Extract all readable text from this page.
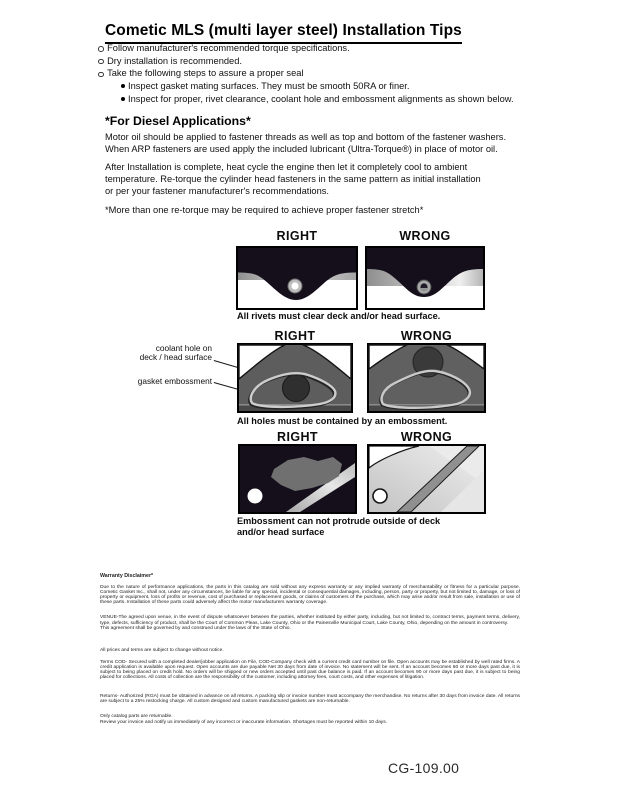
Cometic MLS (multi layer steel) Installation Tips
Follow manufacturer's recommended torque specifications.
Dry installation is recommended.
Take the following steps to assure a proper seal
Inspect gasket mating surfaces. They must be smooth 50RA or finer.
Inspect for proper, rivet clearance, coolant hole and embossment alignments as shown below.
*For Diesel Applications*
Motor oil should be applied to fastener threads as well as top and bottom of the fastener washers.
When ARP fasteners are used apply the included lubricant (Ultra-Torque®) in place of motor oil.
After Installation is complete, heat cycle the engine then let it completely cool to ambient
temperature. Re-torque the cylinder head fasteners in the same pattern as initial installation
or per your fastener manufacturer's recommendations.
*More than one re-torque may be required to achieve proper fastener stretch*
RIGHT	WRONG
All rivets must clear deck and/or head surface.
RIGHT	WRONG
coolant hole on
deck / head surface
gasket embossment
All holes must be contained by an embossment.
RIGHT	WRONG
Embossment can not protrude outside of deck
and/or head surface

Warranty Disclaimer*

Due to the nature of performance applications, the parts in this catalog are sold without any express warranty or any implied warranty of merchantability or fitness for a particular purpose. Cometic Gasket Inc., shall not, under any circumstances, be liable for any special, incidental or consequential damages, including, person, party or property, but not limited to, damage, or loss of property or equipment, loss of profits or revenue, cost of purchased or replacement goods, or claims of customers of the purchase, which may arise and/or result from sale, installation or use of these parts. Installation of these parts could adversely affect the motor manufacturers warranty coverage.

VENUE-The agreed upon venue, in the event of dispute whatsoever between the parties, whether instituted by either party, including, but not limited to, contract terms, payment terms, delivery, type, defects, sufficiency of product, shall be the Court of Common Pleas, Lake County, Ohio or the Painesville Municipal Court, Lake County, Ohio, depending on the amount in controversy.

This agreement shall be governed by and construed under the laws of the State of Ohio.

All prices and terms are subject to change without notice.

Terms COD- Secured with a completed dealer/jobber application on File, COD-Company check with a current credit card number on file. Open accounts may be established by well rated firms. A credit application is available upon request. Open accounts are due payable Net 30 days from date of invoice. No statement will be sent. If an account becomes 60 or more days past due, it is subject to being placed on credit hold. No orders will be shipped or new orders accepted until past due balance is paid. If an account becomes 90 or more days past due, it is subject to being placed for collections. All costs of collection are the responsibility of the customer, including attorney fees, court costs, and other expenses of litigation.

Returns- Authorized (RGA) must be obtained in advance on all returns. A packing slip or invoice number must accompany the merchandise. No returns after 30 days from invoice date. All returns are subject to a 25% restocking charge. All custom designed and custom manufactured gaskets are non-returnable.

Only catalog parts are returnable.

Review your invoice and notify us immediately of any incorrect or inaccurate information. Shortages must be reported within 10 days.

CG-109.00
